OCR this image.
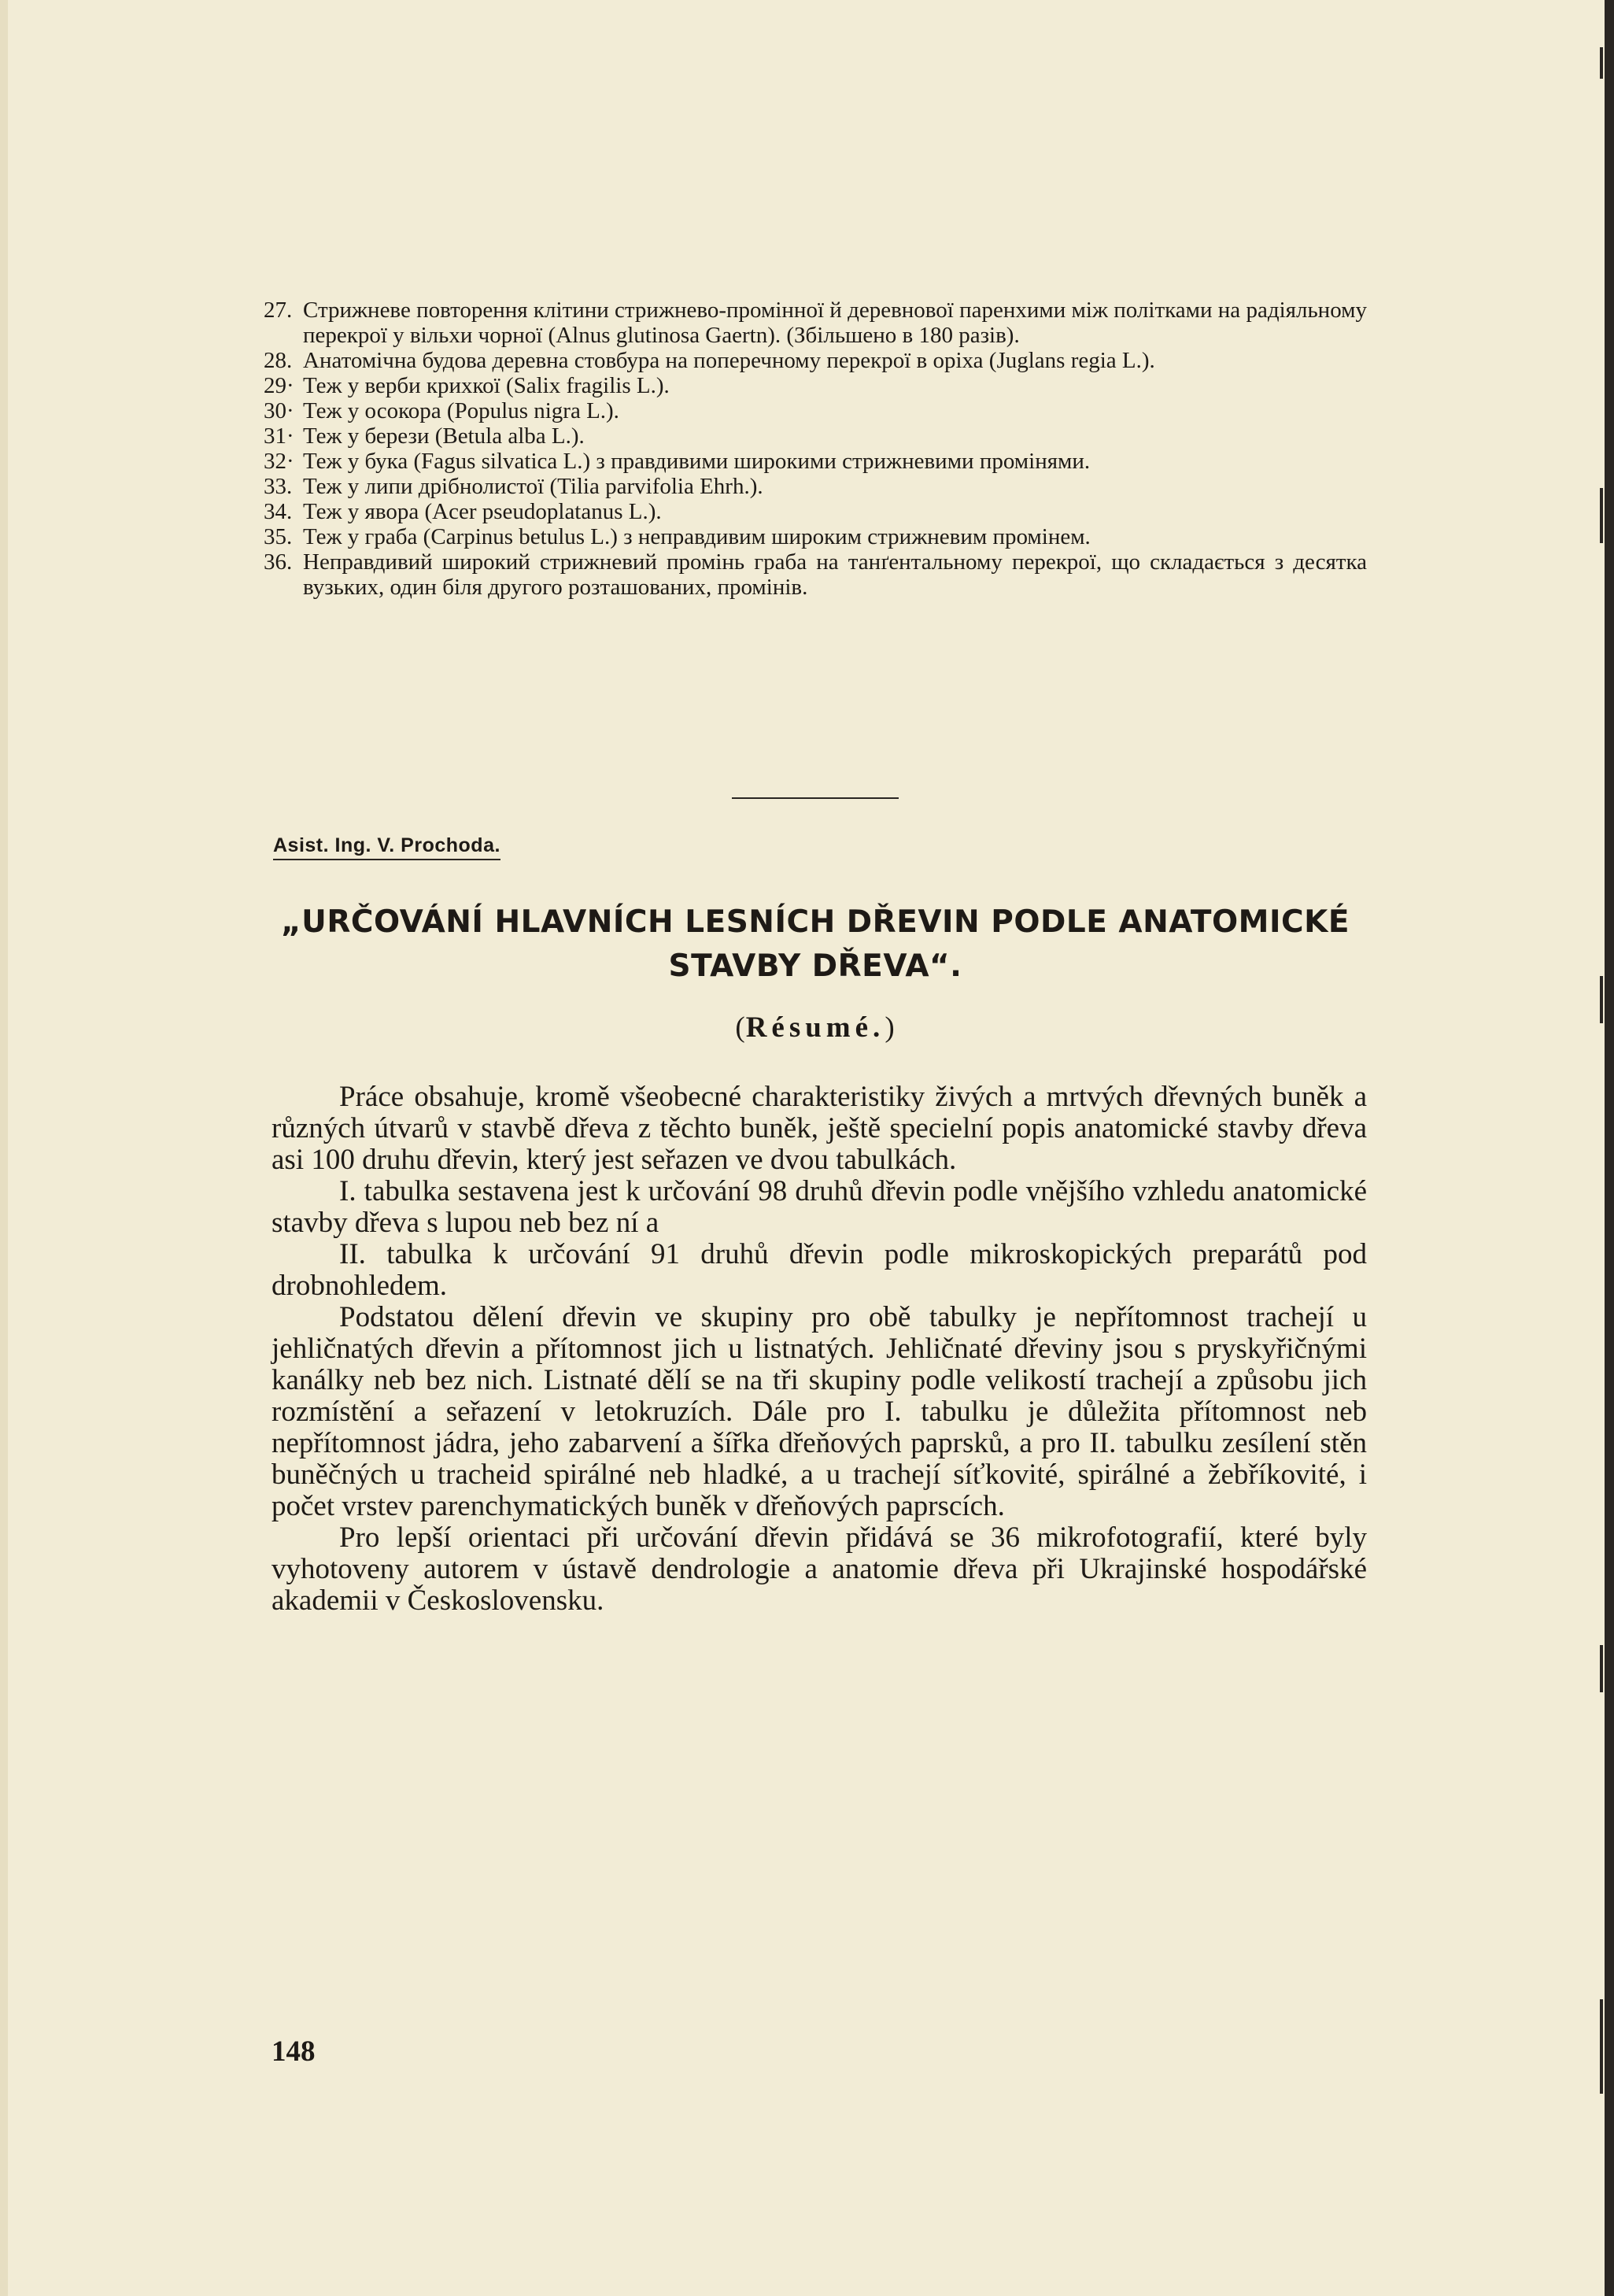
27. Стрижневе повторення клітини стрижнево-промінної й деревнової паренхими між політками на радіяльному перекрої у вільхи чорної (Alnus glutinosa Gaertn). (Збільшено в 180 разів).
28. Анатомічна будова деревна стовбура на поперечному перекрої в оріха (Juglans regia L.).
29· Теж у верби крихкої (Salix fragilis L.).
30· Теж у осокора (Populus nigra L.).
31· Теж у берези (Betula alba L.).
32· Теж у бука (Fagus silvatica L.) з правдивими широкими стрижневими промінями.
33. Теж у липи дрібнолистої (Tilia parvifolia Ehrh.).
34. Теж у явора (Acer pseudoplatanus L.).
35. Теж у граба (Carpinus betulus L.) з неправдивим широким стрижневим промінем.
36. Неправдивий широкий стрижневий промінь граба на танґентальному перекрої, що складається з десятка вузьких, один біля другого розташованих, промінів.
Asist. Ing. V. Prochoda.
„URČOVÁNÍ HLAVNÍCH LESNÍCH DŘEVIN PODLE ANATOMICKÉ
STAVBY DŘEVA“.
(Résumé.)

Práce obsahuje, kromě všeobecné charakteristiky živých a mrtvých dřevných buněk a různých útvarů v stavbě dřeva z těchto buněk, ještě specielní popis anatomické stavby dřeva asi 100 druhu dřevin, který jest seřazen ve dvou tabulkách.

I. tabulka sestavena jest k určování 98 druhů dřevin podle vnějšího vzhledu anatomické stavby dřeva s lupou neb bez ní a

II. tabulka k určování 91 druhů dřevin podle mikroskopických preparátů pod drobnohledem.

Podstatou dělení dřevin ve skupiny pro obě tabulky je nepřítomnost trachejí u jehličnatých dřevin a přítomnost jich u listnatých. Jehličnaté dřeviny jsou s pryskyřičnými kanálky neb bez nich. Listnaté dělí se na tři skupiny podle velikostí trachejí a způsobu jich rozmístění a seřazení v letokruzích. Dále pro I. tabulku je důležita přítomnost neb nepřítomnost jádra, jeho zabarvení a šířka dřeňových paprsků, a pro II. tabulku zesílení stěn buněčných u tracheid spirálné neb hladké, a u trachejí síťkovité, spirálné a žebříkovité, i počet vrstev parenchymatických buněk v dřeňových paprscích.

Pro lepší orientaci při určování dřevin přidává se 36 mikrofotografií, které byly vyhotoveny autorem v ústavě dendrologie a anatomie dřeva při Ukrajinské hospodářské akademii v Československu.

148
